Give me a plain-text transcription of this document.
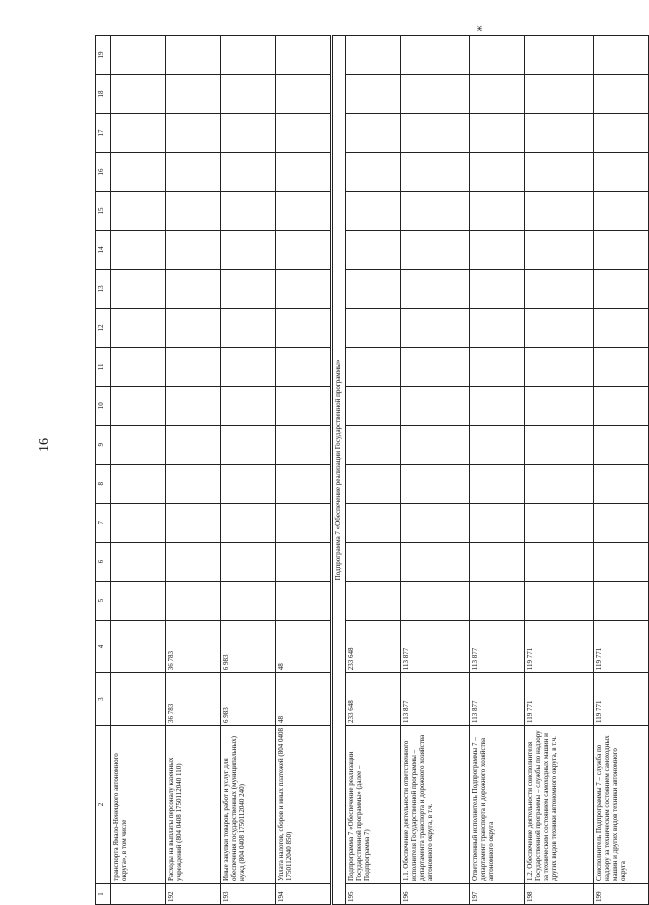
16
ж
1	2	3	4	5	6	7	8	9	10	11	12	13	14	15	16	17	18	19
	транспорта Ямало-Ненецкого автономного округа», в том числе																	
192	Расходы на выплаты персоналу казенных учреждений (804 0408 1750112040 110)	36 783	36 783															
193	Иные закупки товаров, работ и услуг для обеспечения государственных (муниципальных) нужд (804 0408 1750112040 240)	6 983	6 983															
194	Уплата налогов, сборов и иных платежей (804 0408 1750112040 850)	48	48															
Подпрограмма 7 «Обеспечение реализации Государственной программы»																		
195	Подпрограмма 7 «Обеспечение реализации Государственной программы» (далее – Подпрограмма 7)	233 648	233 648															
196	1.1. Обеспечение деятельности ответственного исполнителя Государственной программы – департамента транспорта и дорожного хозяйства автономного округа, в т.ч.	113 877	113 877															
197	Ответственный исполнитель Подпрограммы 7 – департамент транспорта и дорожного хозяйства автономного округа	113 877	113 877															
198	1.2. Обеспечение деятельности соисполнителя Государственной программы – службы по надзору за техническим состоянием самоходных машин и других видов техники автономного округа, в т.ч.	119 771	119 771															
199	Соисполнитель Подпрограммы 7 – служба по надзору за техническим состоянием самоходных машин и других видов техники автономного округа	119 771	119 771															
